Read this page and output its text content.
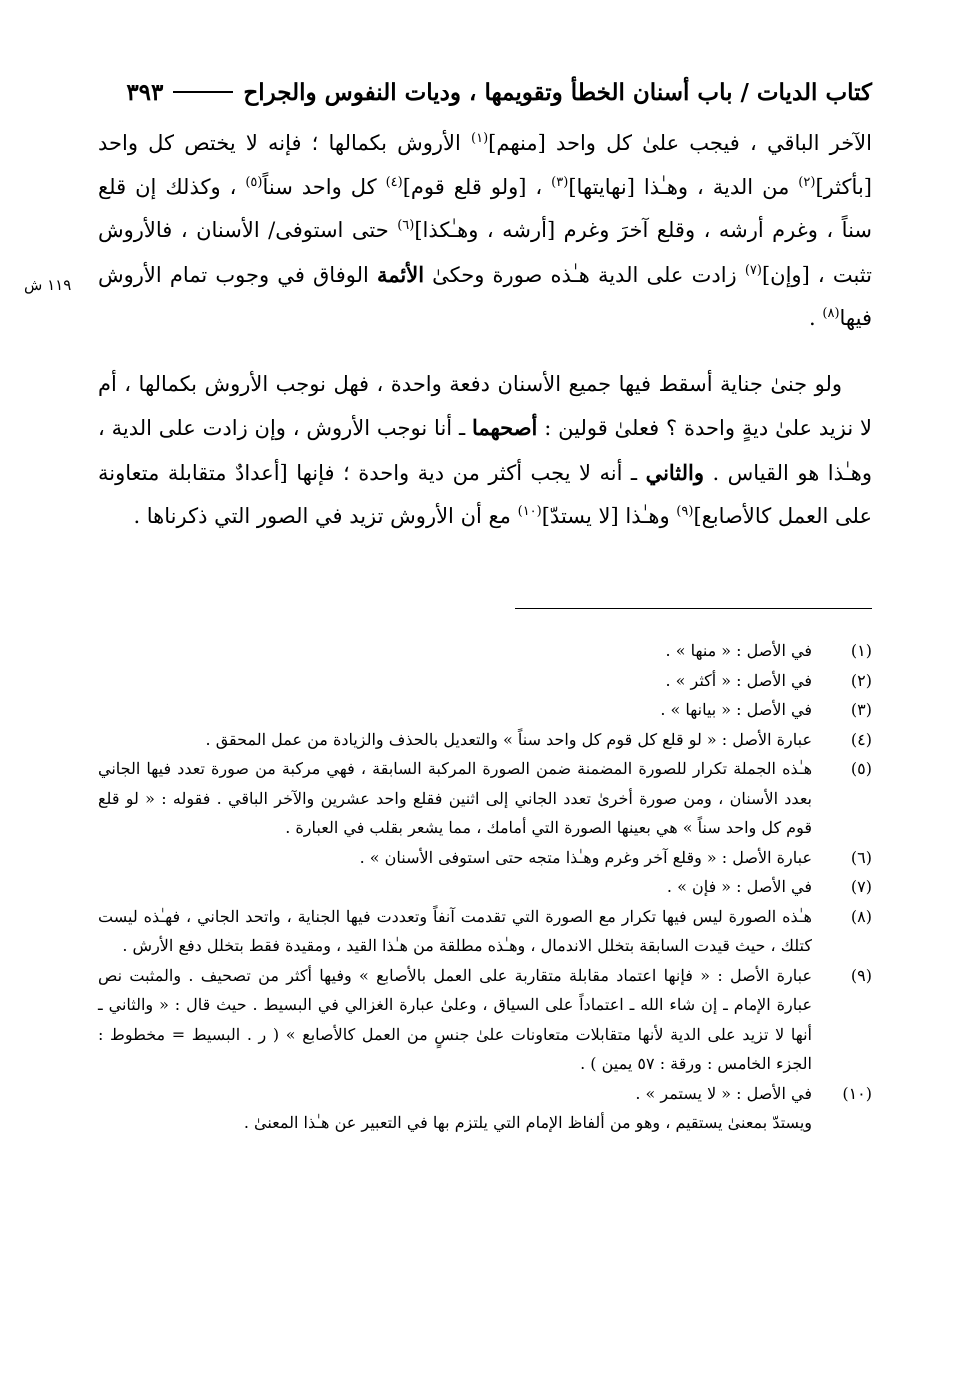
كتاب الديات / باب أسنان الخطأ وتقويمها ، وديات النفوس والجراح
٣٩٣
١١٩ ش

الآخر الباقي ، فيجب علىٰ كل واحد [منهم]$^{(١)}$ الأروش بكمالها ؛ فإنه لا يختص كل واحد [بأكثر]$^{(٢)}$ من الدية ، وهـٰذا [نهايتها]$^{(٣)}$ ، [ولو قلع قوم]$^{(٤)}$ كل واحد سناً$^{(٥)}$ ، وكذلك إن قلع سناً ، وغرم أرشه ، وقلع آخرَ وغرم [أرشه ، وهـٰكذا]$^{(٦)}$ حتى استوفى/ الأسنان ، فالأروش تثبت ، [وإن]$^{(٧)}$ زادت على الدية هـٰذه صورة وحكىٰ الأئمة الوفاق في وجوب تمام الأروش فيها$^{(٨)}$ .

ولو جنىٰ جناية أسقط فيها جميع الأسنان دفعة واحدة ، فهل نوجب الأروش بكمالها ، أم لا نزيد علىٰ ديةٍ واحدة ؟ فعلىٰ قولين : أصحهما ـ أنا نوجب الأروش ، وإن زادت على الدية ، وهـٰذا هو القياس . والثاني ـ أنه لا يجب أكثر من دية واحدة ؛ فإنها [أعدادٌ متقابلة متعاونة على العمل كالأصابع]$^{(٩)}$ وهـٰذا [لا يستدّ]$^{(١٠)}$ مع أن الأروش تزيد في الصور التي ذكرناها .

(١)
في الأصل : « منها » .
(٢)
في الأصل : « أكثر » .
(٣)
في الأصل : « بيانها » .
(٤)
عبارة الأصل : « لو قلع كل قوم كل واحد سناً » والتعديل بالحذف والزيادة من عمل المحقق .
(٥)
هـٰذه الجملة تكرار للصورة المضمنة ضمن الصورة المركبة السابقة ، فهي مركبة من صورة تعدد فيها الجاني بعدد الأسنان ، ومن صورة أخرىٰ تعدد الجاني إلى اثنين فقلع واحد عشرين والآخر الباقي . فقوله : « لو قلع قوم كل واحد سناً » هي بعينها الصورة التي أمامك ، مما يشعر بقلب في العبارة .
(٦)
عبارة الأصل : « وقلع آخر وغرم وهـٰذا متجه حتى استوفى الأسنان » .
(٧)
في الأصل : « فإن » .
(٨)
هـٰذه الصورة ليس فيها تكرار مع الصورة التي تقدمت آنفاً وتعددت فيها الجناية ، واتحد الجاني ، فهـٰذه ليست كتلك ، حيث قيدت السابقة بتخلل الاندمال ، وهـٰذه مطلقة من هـٰذا القيد ، ومقيدة فقط بتخلل دفع الأرش .
(٩)
عبارة الأصل : « فإنها اعتماد مقابلة متقاربة على العمل بالأصابع » وفيها أكثر من تصحيف . والمثبت نص عبارة الإمام ـ إن شاء الله ـ اعتماداً على السياق ، وعلىٰ عبارة الغزالي في البسيط . حيث قال : « والثاني ـ أنها لا تزيد على الدية لأنها متقابلات متعاونات علىٰ جنسٍ من العمل كالأصابع » ( ر . البسيط = مخطوط : الجزء الخامس : ورقة : ٥٧ يمين ) .
(١٠)
في الأصل : « لا يستمر » .
ويستدّ بمعنىٰ يستقيم ، وهو من ألفاظ الإمام التي يلتزم بها في التعبير عن هـٰذا المعنىٰ .
